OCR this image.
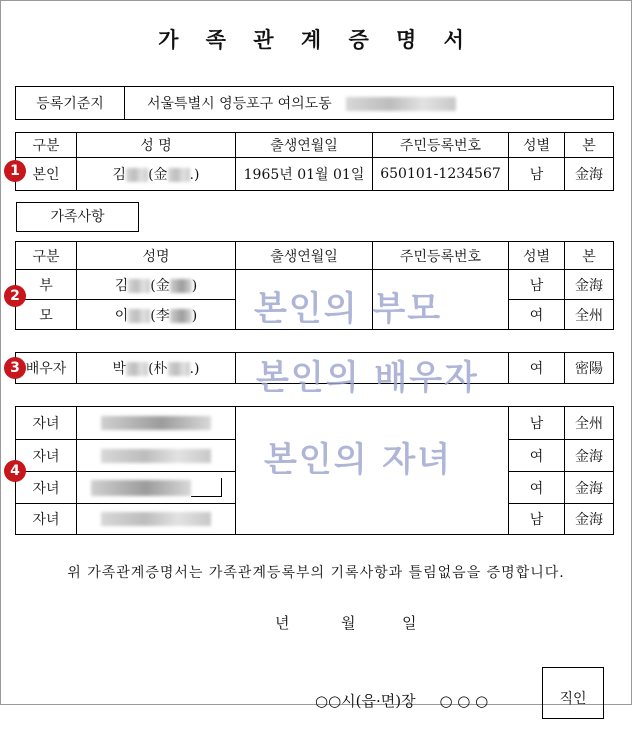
가 족 관 계 증 명 서
등록기준지	서울특별시 영등포구 여의도동
구분	성 명	출생연월일	주민등록번호	성별	본
본인	김 (金 .)	1965년 01월 01일	650101-1234567	남	金海
가족사항
구분	성명	출생연월일	주민등록번호	성별	본
부	김 (金 )			남	金海
모	이 (李 )			여	全州
배우자	박 (朴 .)			여	密陽
자녀			남	全州
자녀			여	金海
자녀			여	金海
자녀			남	金海
본인의 부모
본인의 배우자
본인의 자녀
1
2
3
4
위 가족관계증명서는 가족관계등록부의 기록사항과 틀림없음을 증명합니다.
년	월	일
○○시(읍·면)장     ○ ○ ○	직인
